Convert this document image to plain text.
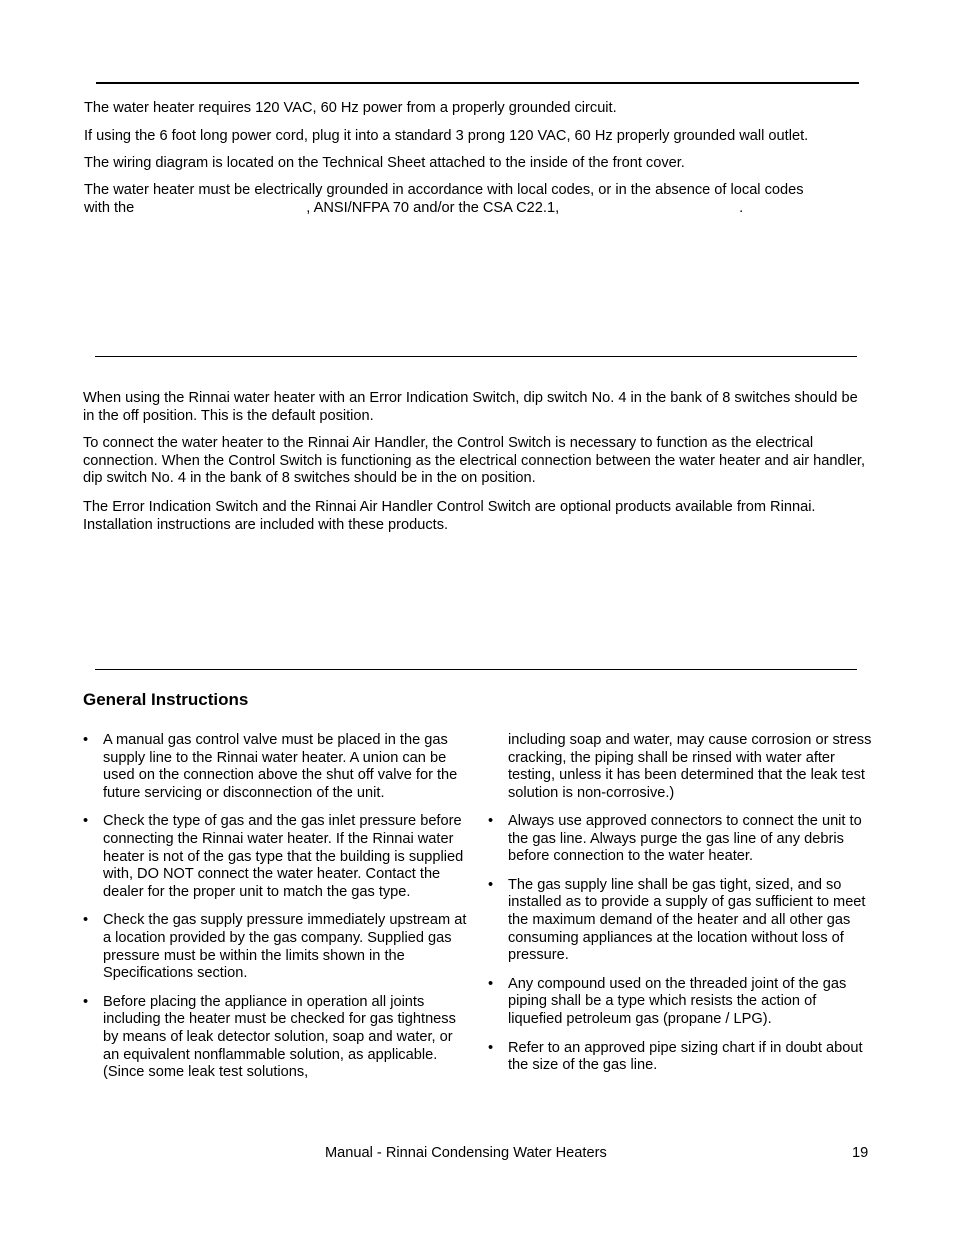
The water heater requires 120 VAC, 60 Hz power from a properly grounded circuit.

If using the 6 foot long power cord, plug it into a standard 3 prong 120 VAC, 60 Hz properly grounded wall outlet.

The wiring diagram is located on the Technical Sheet attached to the inside of the front cover.

The water heater must be electrically grounded in accordance with local codes, or in the absence of local codes
with the	, ANSI/NFPA 70 and/or the CSA C22.1,	.

When using the Rinnai water heater with an Error Indication Switch, dip switch No. 4 in the bank of 8 switches should be in the off position. This is the default position.

To connect the water heater to the Rinnai Air Handler, the Control Switch is necessary to function as the electrical connection. When the Control Switch is functioning as the electrical connection between the water heater and air handler, dip switch No. 4 in the bank of 8 switches should be in the on position.

The Error Indication Switch and the Rinnai Air Handler Control Switch are optional products available from Rinnai. Installation instructions are included with these products.

General Instructions
• A manual gas control valve must be placed in the gas supply line to the Rinnai water heater. A union can be used on the connection above the shut off valve for the future servicing or disconnection of the unit.
• Check the type of gas and the gas inlet pressure before connecting the Rinnai water heater. If the Rinnai water heater is not of the gas type that the building is supplied with, DO NOT connect the water heater. Contact the dealer for the proper unit to match the gas type.
• Check the gas supply pressure immediately upstream at a location provided by the gas company. Supplied gas pressure must be within the limits shown in the Specifications section.
• Before placing the appliance in operation all joints including the heater must be checked for gas tightness by means of leak detector solution, soap and water, or an equivalent nonflammable solution, as applicable. (Since some leak test solutions,

including soap and water, may cause corrosion or stress cracking, the piping shall be rinsed with water after testing, unless it has been determined that the leak test solution is non-corrosive.)

• Always use approved connectors to connect the unit to the gas line. Always purge the gas line of any debris before connection to the water heater.
• The gas supply line shall be gas tight, sized, and so installed as to provide a supply of gas sufficient to meet the maximum demand of the heater and all other gas consuming appliances at the location without loss of pressure.
• Any compound used on the threaded joint of the gas piping shall be a type which resists the action of liquefied petroleum gas (propane / LPG).
• Refer to an approved pipe sizing chart if in doubt about the size of the gas line.
Manual - Rinnai Condensing Water Heaters	19
